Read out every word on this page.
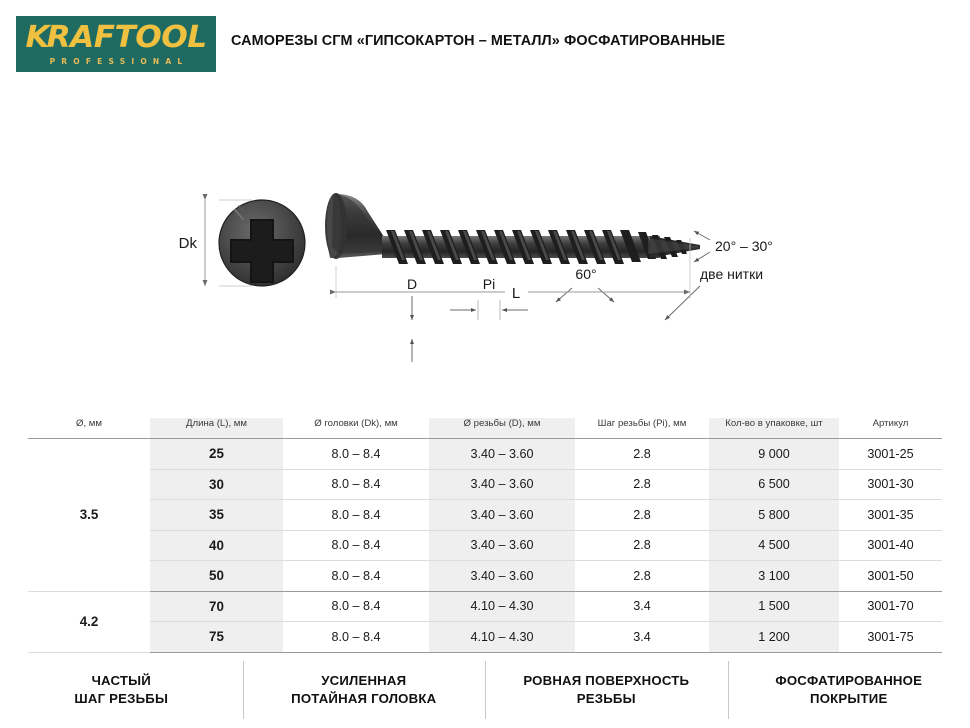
KRAFTOOL
PROFESSIONAL
САМОРЕЗЫ СГМ «ГИПСОКАРТОН – МЕТАЛЛ» ФОСФАТИРОВАННЫЕ
Dk
D	Pi
60°	две нитки
20° – 30°
L
Ø, мм	Длина (L), мм	Ø головки (Dk), мм	Ø резьбы (D), мм	Шаг резьбы (Pi), мм	Кол-во в упаковке, шт	Артикул
3.5	25	8.0 – 8.4	3.40 – 3.60	2.8	9 000	3001-25
	30	8.0 – 8.4	3.40 – 3.60	2.8	6 500	3001-30
	35	8.0 – 8.4	3.40 – 3.60	2.8	5 800	3001-35
	40	8.0 – 8.4	3.40 – 3.60	2.8	4 500	3001-40
	50	8.0 – 8.4	3.40 – 3.60	2.8	3 100	3001-50
4.2	70	8.0 – 8.4	4.10 – 4.30	3.4	1 500	3001-70
	75	8.0 – 8.4	4.10 – 4.30	3.4	1 200	3001-75
ЧАСТЫЙ
ШАГ РЕЗЬБЫ
УСИЛЕННАЯ
ПОТАЙНАЯ ГОЛОВКА
РОВНАЯ ПОВЕРХНОСТЬ
РЕЗЬБЫ
ФОСФАТИРОВАННОЕ
ПОКРЫТИЕ
